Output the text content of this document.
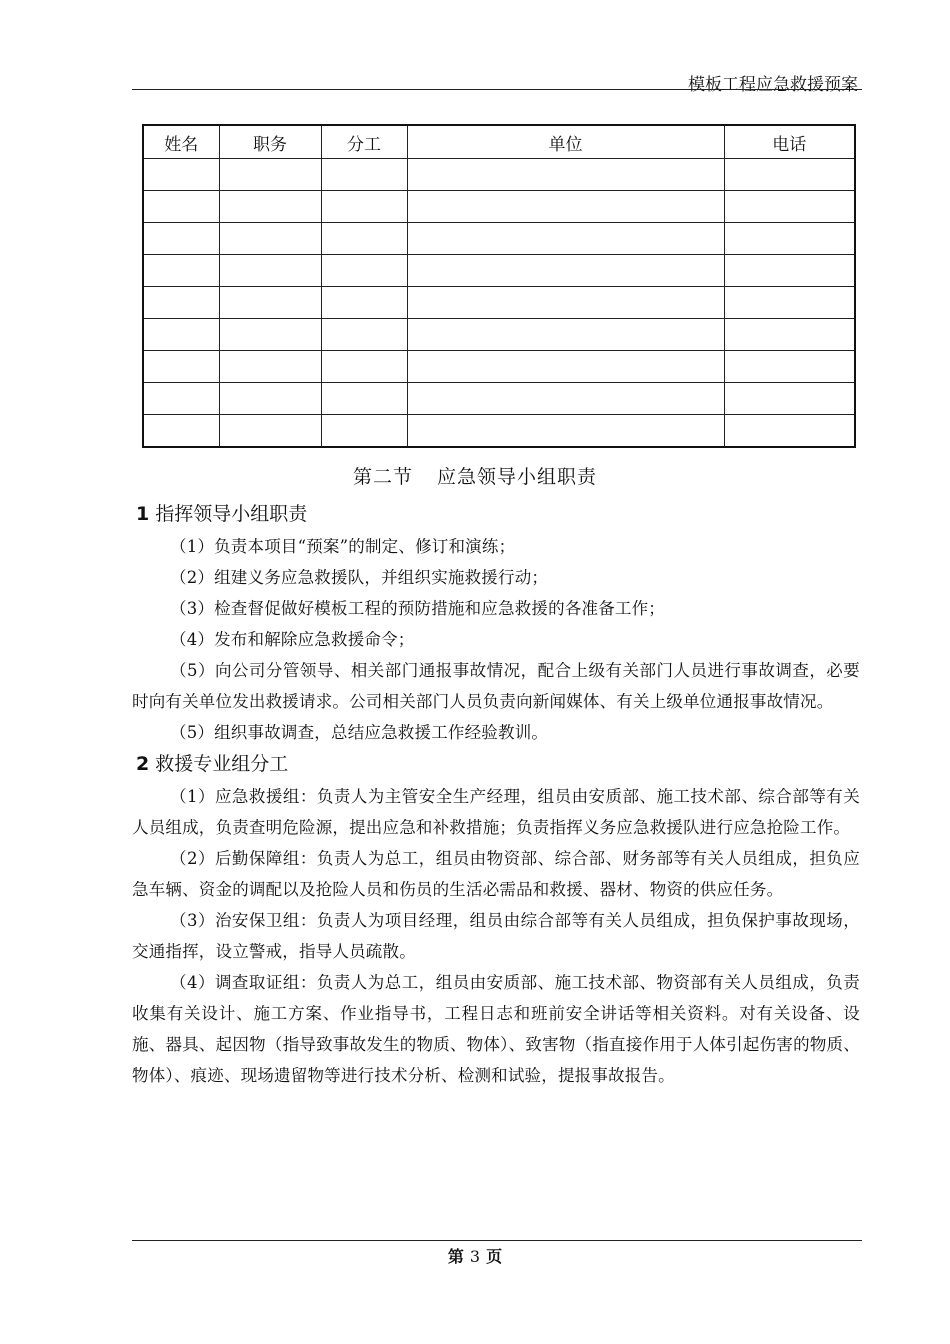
模板工程应急救援预案
姓名	职务	分工	单位	电话

第二节 应急领导小组职责
1 指挥领导小组职责

（1）负责本项目“预案”的制定、修订和演练；

（2）组建义务应急救援队，并组织实施救援行动；

（3）检查督促做好模板工程的预防措施和应急救援的各准备工作；

（4）发布和解除应急救援命令；

（5）向公司分管领导、相关部门通报事故情况，配合上级有关部门人员进行事故调查，必要时向有关单位发出救援请求。公司相关部门人员负责向新闻媒体、有关上级单位通报事故情况。

（5）组织事故调查，总结应急救援工作经验教训。

2 救援专业组分工

（1）应急救援组：负责人为主管安全生产经理，组员由安质部、施工技术部、综合部等有关人员组成，负责查明危险源，提出应急和补救措施；负责指挥义务应急救援队进行应急抢险工作。

（2）后勤保障组：负责人为总工，组员由物资部、综合部、财务部等有关人员组成，担负应急车辆、资金的调配以及抢险人员和伤员的生活必需品和救援、器材、物资的供应任务。

（3）治安保卫组：负责人为项目经理，组员由综合部等有关人员组成，担负保护事故现场，交通指挥，设立警戒，指导人员疏散。

（4）调查取证组：负责人为总工，组员由安质部、施工技术部、物资部有关人员组成，负责收集有关设计、施工方案、作业指导书，工程日志和班前安全讲话等相关资料。对有关设备、设施、器具、起因物（指导致事故发生的物质、物体）、致害物（指直接作用于人体引起伤害的物质、物体）、痕迹、现场遗留物等进行技术分析、检测和试验，提报事故报告。

第 3 页
